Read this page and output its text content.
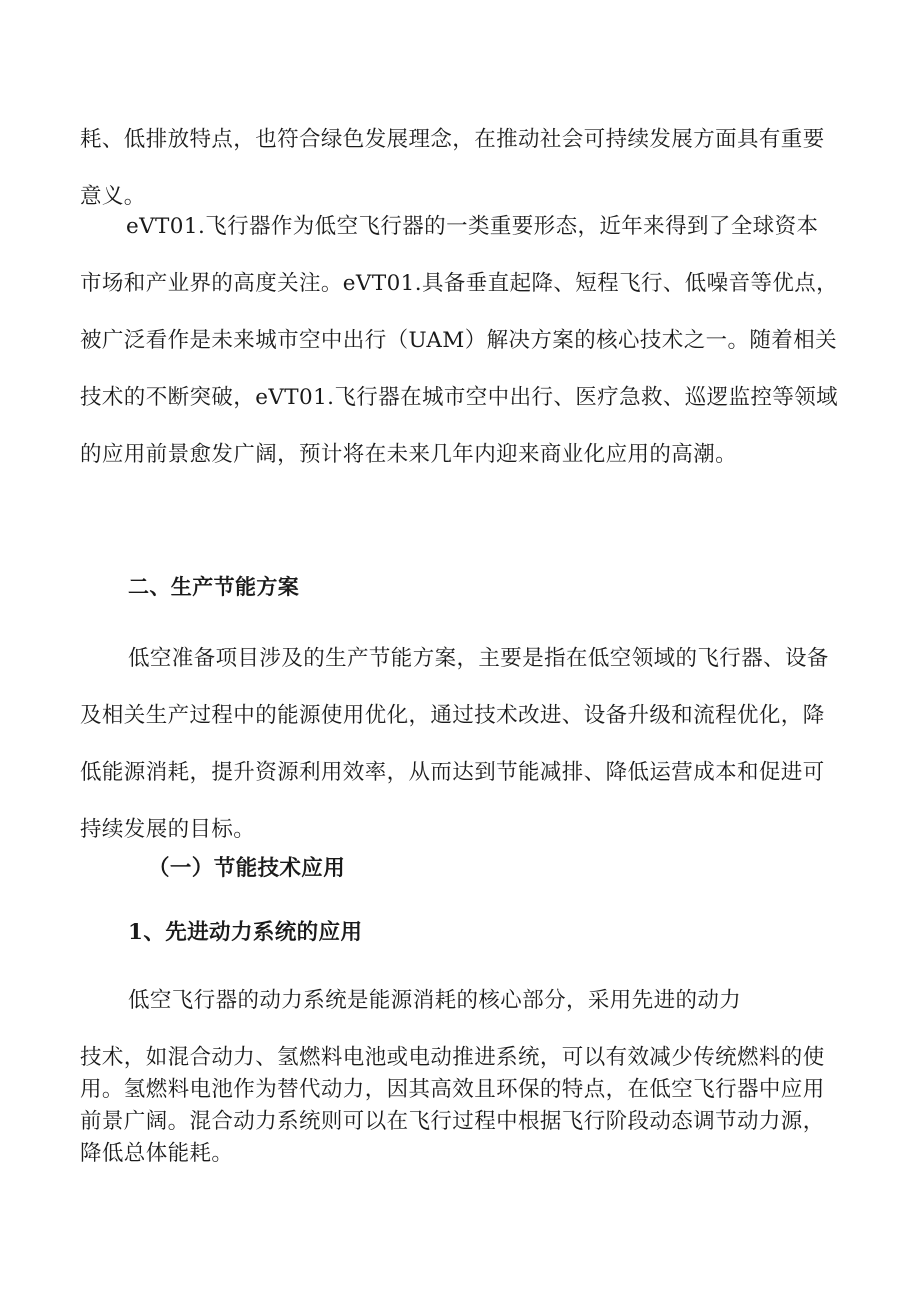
耗、低排放特点，也符合绿色发展理念，在推动社会可持续发展方面具有重要意义。

eVT01.飞行器作为低空飞行器的一类重要形态，近年来得到了全球资本市场和产业界的高度关注。eVT01.具备垂直起降、短程飞行、低噪音等优点，被广泛看作是未来城市空中出行（UAM）解决方案的核心技术之一。随着相关技术的不断突破，eVT01.飞行器在城市空中出行、医疗急救、巡逻监控等领域的应用前景愈发广阔，预计将在未来几年内迎来商业化应用的高潮。

二、生产节能方案

低空准备项目涉及的生产节能方案，主要是指在低空领域的飞行器、设备及相关生产过程中的能源使用优化，通过技术改进、设备升级和流程优化，降低能源消耗，提升资源利用效率，从而达到节能减排、降低运营成本和促进可持续发展的目标。

（一）节能技术应用
1、先进动力系统的应用

低空飞行器的动力系统是能源消耗的核心部分，采用先进的动力

技术，如混合动力、氢燃料电池或电动推进系统，可以有效减少传统燃料的使用。氢燃料电池作为替代动力，因其高效且环保的特点，在低空飞行器中应用前景广阔。混合动力系统则可以在飞行过程中根据飞行阶段动态调节动力源，降低总体能耗。
